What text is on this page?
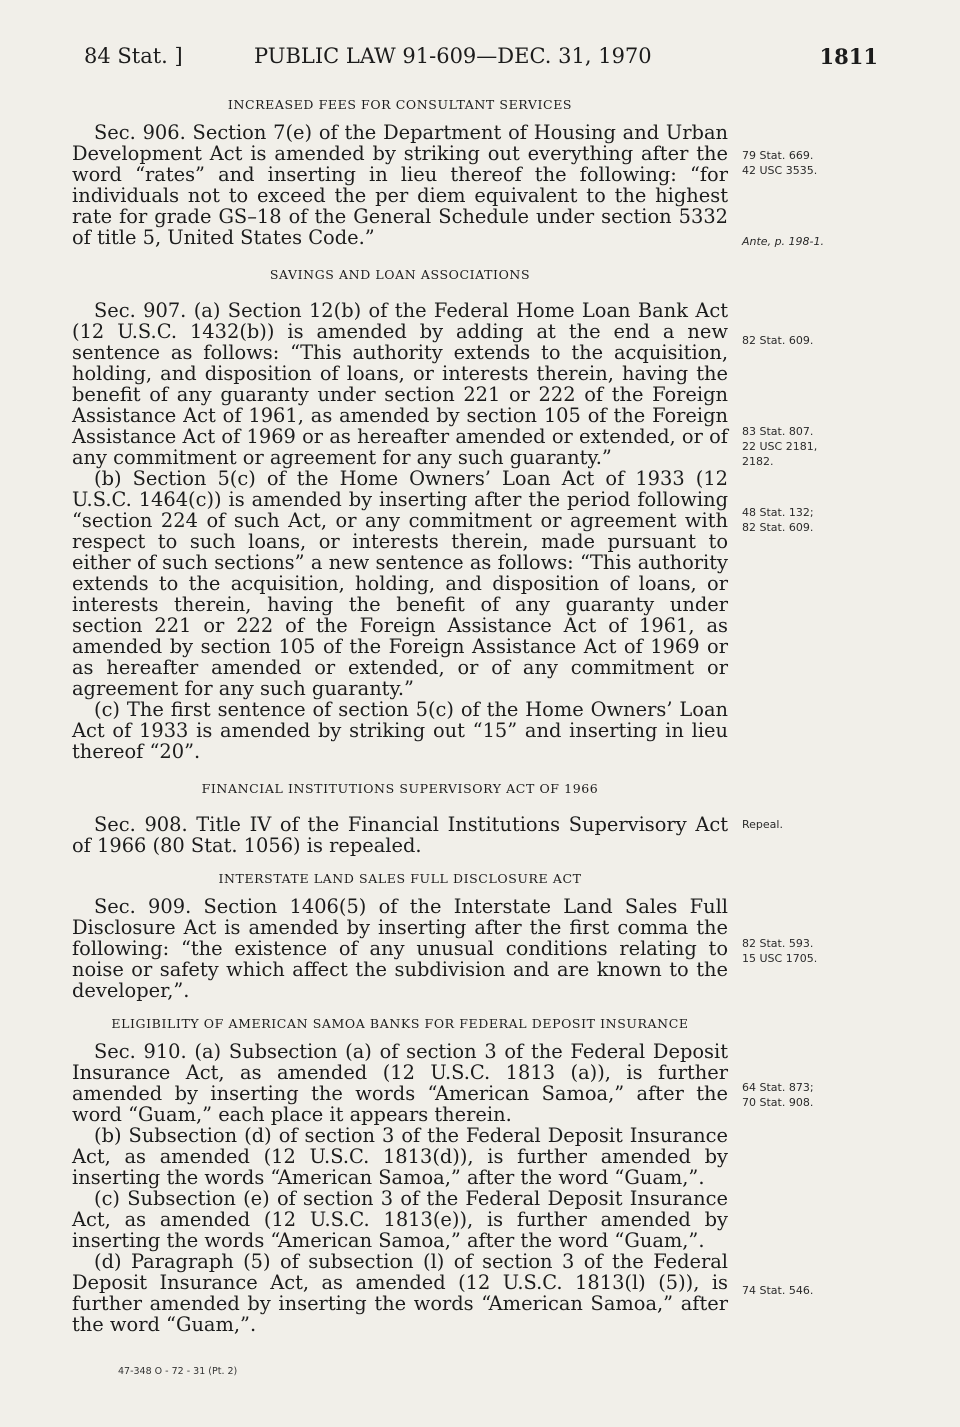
84 Stat. ]	PUBLIC LAW 91-609—DEC. 31, 1970	1811
INCREASED FEES FOR CONSULTANT SERVICES

Sec. 906. Section 7(e) of the Department of Housing and Urban Development Act is amended by striking out everything after the word “rates” and inserting in lieu thereof the following: “for individuals not to exceed the per diem equivalent to the highest rate for grade GS–18 of the General Schedule under section 5332 of title 5, United States Code.”

SAVINGS AND LOAN ASSOCIATIONS

Sec. 907. (a) Section 12(b) of the Federal Home Loan Bank Act (12 U.S.C. 1432(b)) is amended by adding at the end a new sentence as follows: “This authority extends to the acquisition, holding, and disposition of loans, or interests therein, having the benefit of any guaranty under section 221 or 222 of the Foreign Assistance Act of 1961, as amended by section 105 of the Foreign Assistance Act of 1969 or as hereafter amended or extended, or of any commitment or agreement for any such guaranty.”

(b) Section 5(c) of the Home Owners’ Loan Act of 1933 (12 U.S.C. 1464(c)) is amended by inserting after the period following “section 224 of such Act, or any commitment or agreement with respect to such loans, or interests therein, made pursuant to either of such sections” a new sentence as follows: “This authority extends to the acquisition, holding, and disposition of loans, or interests therein, having the benefit of any guaranty under section 221 or 222 of the Foreign Assistance Act of 1961, as amended by section 105 of the Foreign Assistance Act of 1969 or as hereafter amended or extended, or of any commitment or agreement for any such guaranty.”

(c) The first sentence of section 5(c) of the Home Owners’ Loan Act of 1933 is amended by striking out “15” and inserting in lieu thereof “20”.

FINANCIAL INSTITUTIONS SUPERVISORY ACT OF 1966

Sec. 908. Title IV of the Financial Institutions Supervisory Act of 1966 (80 Stat. 1056) is repealed.

INTERSTATE LAND SALES FULL DISCLOSURE ACT

Sec. 909. Section 1406(5) of the Interstate Land Sales Full Disclosure Act is amended by inserting after the first comma the following: “the existence of any unusual conditions relating to noise or safety which affect the subdivision and are known to the developer,”.

ELIGIBILITY OF AMERICAN SAMOA BANKS FOR FEDERAL DEPOSIT INSURANCE

Sec. 910. (a) Subsection (a) of section 3 of the Federal Deposit Insurance Act, as amended (12 U.S.C. 1813 (a)), is further amended by inserting the words “American Samoa,” after the word “Guam,” each place it appears therein.

(b) Subsection (d) of section 3 of the Federal Deposit Insurance Act, as amended (12 U.S.C. 1813(d)), is further amended by inserting the words “American Samoa,” after the word “Guam,”.

(c) Subsection (e) of section 3 of the Federal Deposit Insurance Act, as amended (12 U.S.C. 1813(e)), is further amended by inserting the words “American Samoa,” after the word “Guam,”.

(d) Paragraph (5) of subsection (l) of section 3 of the Federal Deposit Insurance Act, as amended (12 U.S.C. 1813(l) (5)), is further amended by inserting the words “American Samoa,” after the word “Guam,”.

79 Stat. 669.
42 USC 3535.
Ante, p. 198-1.
82 Stat. 609.
83 Stat. 807.
22 USC 2181,
2182.
48 Stat. 132;
82 Stat. 609.
Repeal.
82 Stat. 593.
15 USC 1705.
64 Stat. 873;
70 Stat. 908.
74 Stat. 546.
47-348 O - 72 - 31 (Pt. 2)
